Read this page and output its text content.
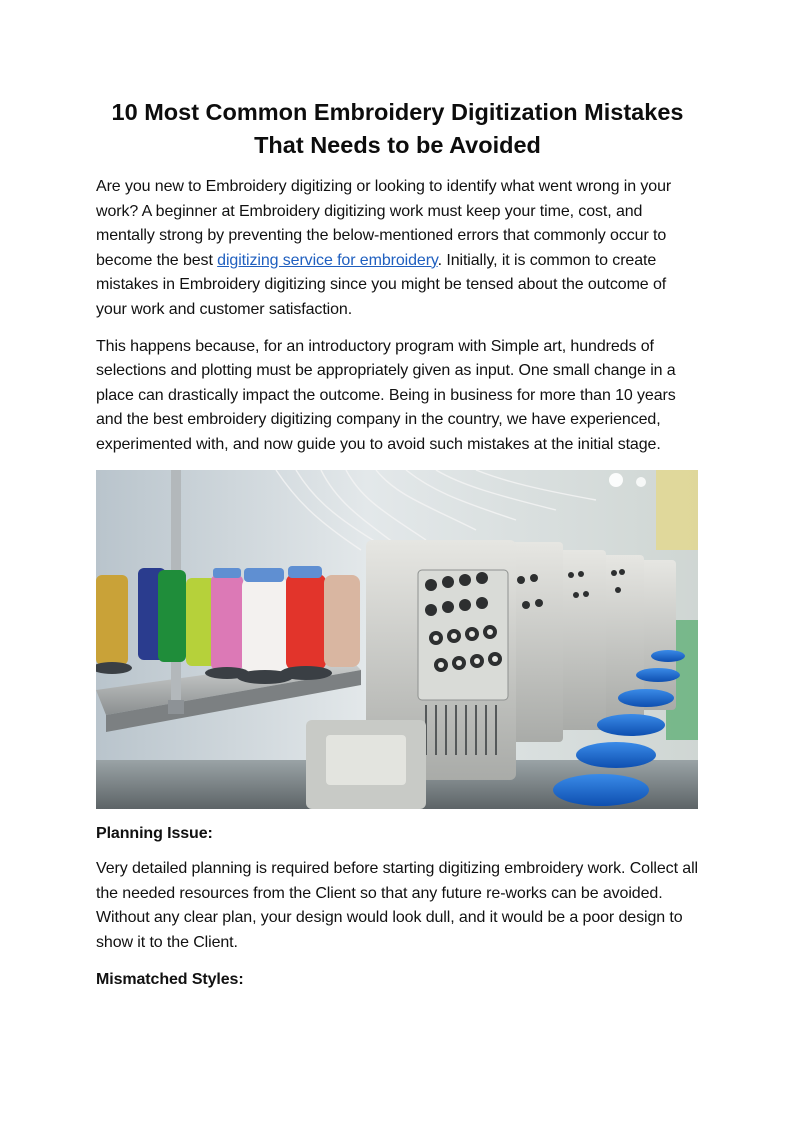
10 Most Common Embroidery Digitization Mistakes
That Needs to be Avoided

Are you new to Embroidery digitizing or looking to identify what went wrong in your work? A beginner at Embroidery digitizing work must keep your time, cost, and mentally strong by preventing the below-mentioned errors that commonly occur to become the best digitizing service for embroidery. Initially, it is common to create mistakes in Embroidery digitizing since you might be tensed about the outcome of your work and customer satisfaction.

This happens because, for an introductory program with Simple art, hundreds of selections and plotting must be appropriately given as input. One small change in a place can drastically impact the outcome. Being in business for more than 10 years and the best embroidery digitizing company in the country, we have experienced, experimented with, and now guide you to avoid such mistakes at the initial stage.

Planning Issue:

Very detailed planning is required before starting digitizing embroidery work. Collect all the needed resources from the Client so that any future re-works can be avoided. Without any clear plan, your design would look dull, and it would be a poor design to show it to the Client.

Mismatched Styles:
